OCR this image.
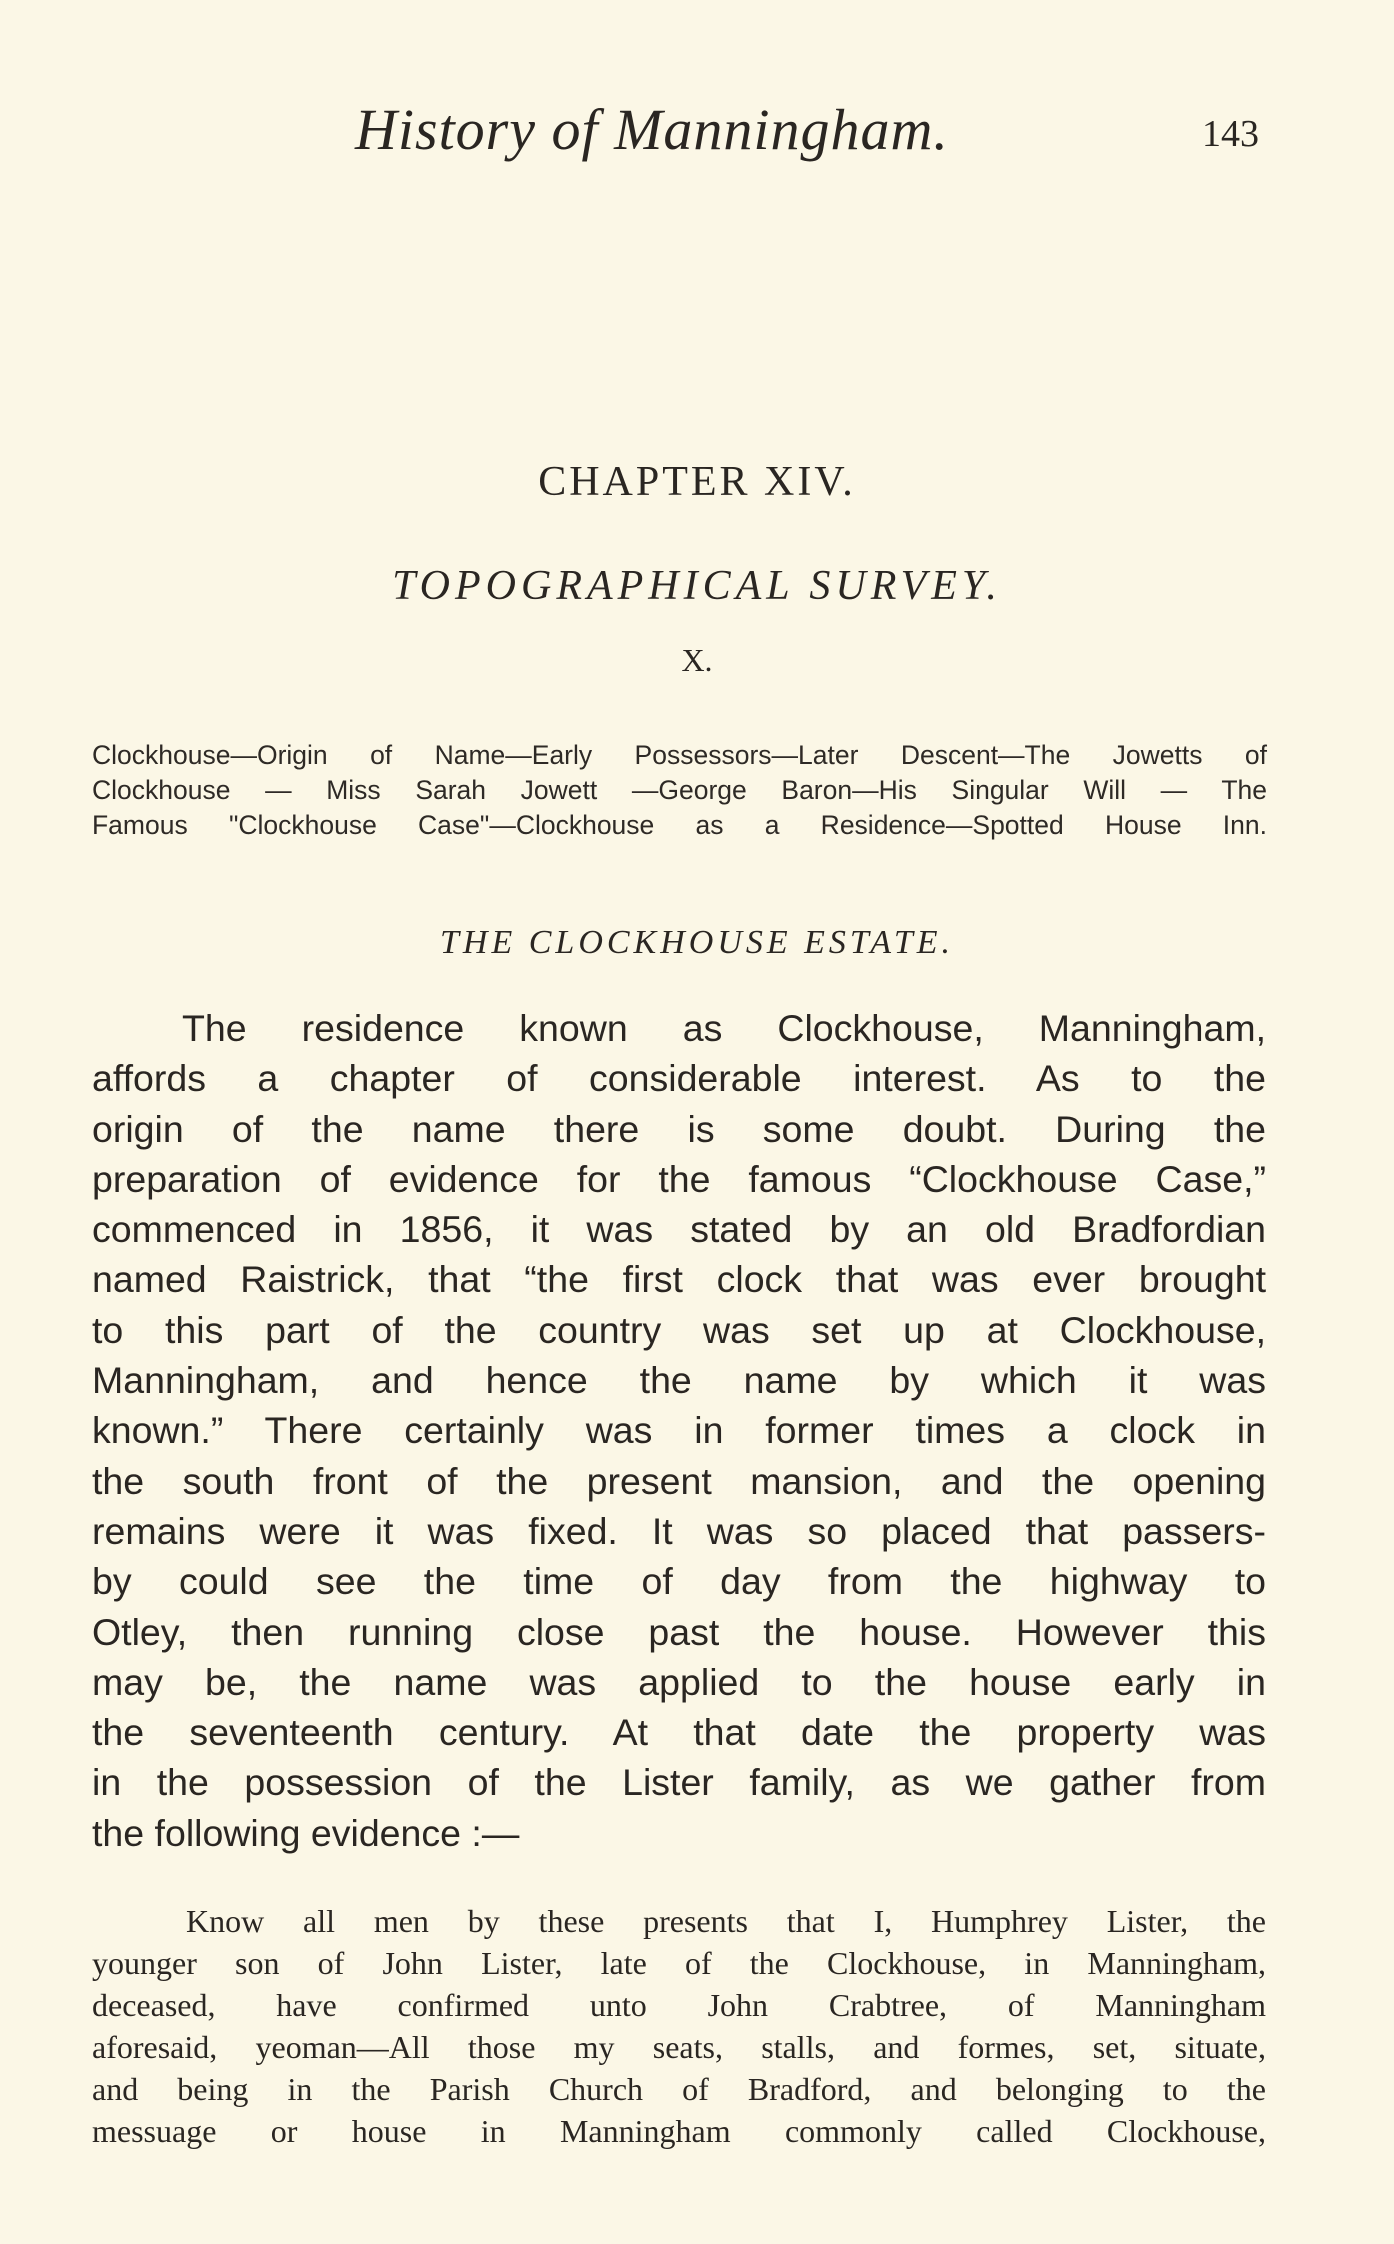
History of Manningham.	143
CHAPTER XIV.
TOPOGRAPHICAL SURVEY.
X.
Clockhouse—Origin of Name—Early Possessors—Later Descent—The Jowetts of
Clockhouse — Miss Sarah Jowett —George Baron—His Singular Will — The
Famous "Clockhouse Case"—Clockhouse as a Residence—Spotted House Inn.
THE CLOCKHOUSE ESTATE.
The residence known as Clockhouse, Manningham,
affords a chapter of considerable interest. As to the
origin of the name there is some doubt. During the
preparation of evidence for the famous “Clockhouse Case,”
commenced in 1856, it was stated by an old Bradfordian
named Raistrick, that “the first clock that was ever brought
to this part of the country was set up at Clockhouse,
Manningham, and hence the name by which it was
known.” There certainly was in former times a clock in
the south front of the present mansion, and the opening
remains were it was fixed. It was so placed that passers-
by could see the time of day from the highway to
Otley, then running close past the house. However this
may be, the name was applied to the house early in
the seventeenth century. At that date the property was
in the possession of the Lister family, as we gather from
the following evidence :—
Know all men by these presents that I, Humphrey Lister, the
younger son of John Lister, late of the Clockhouse, in Manningham,
deceased, have confirmed unto John Crabtree, of Manningham
aforesaid, yeoman—All those my seats, stalls, and formes, set, situate,
and being in the Parish Church of Bradford, and belonging to the
messuage or house in Manningham commonly called Clockhouse,
